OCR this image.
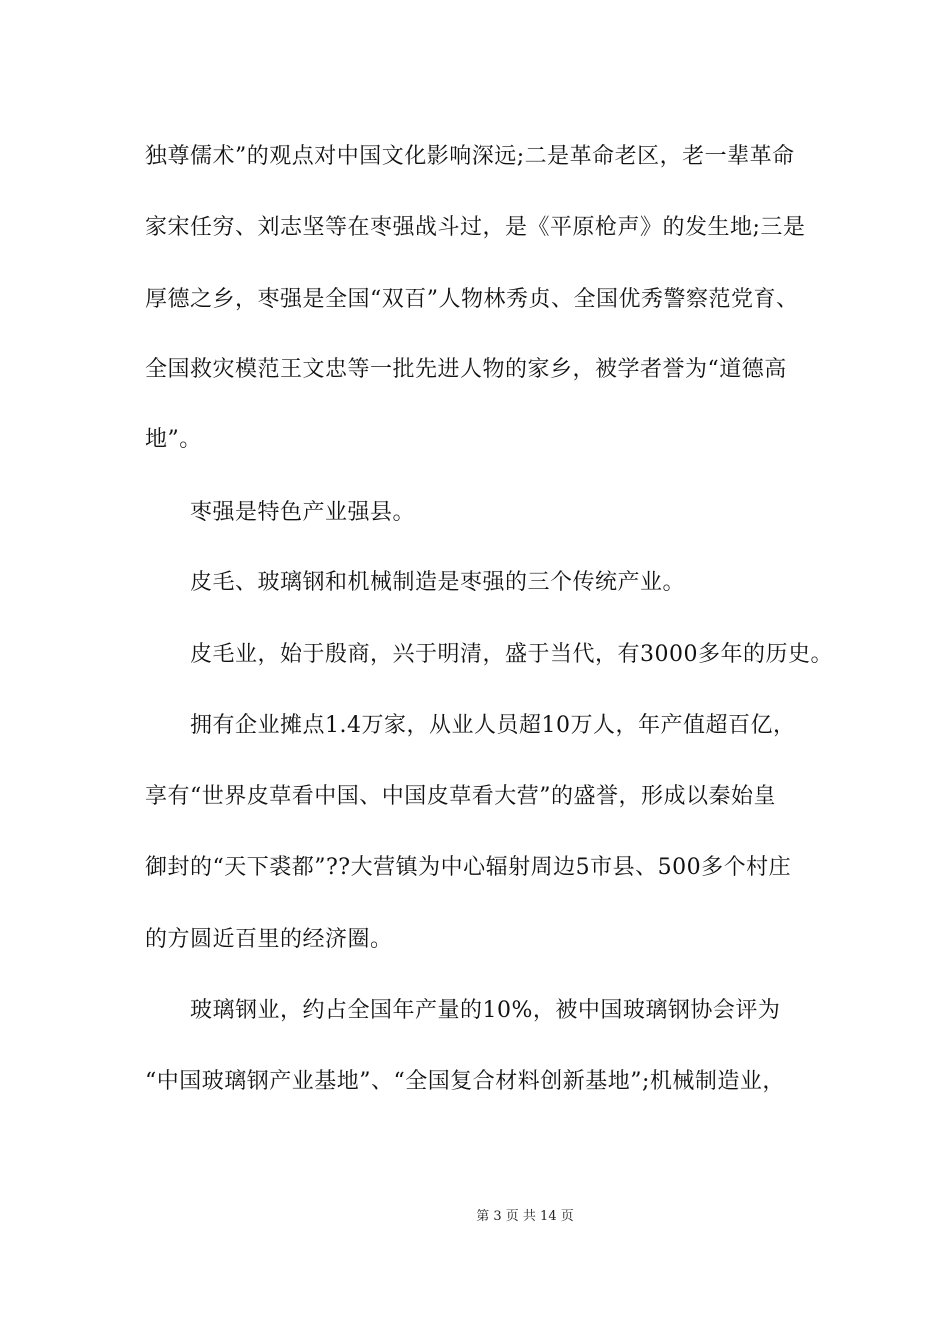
独尊儒术”的观点对中国文化影响深远;二是革命老区，老一辈革命
家宋任穷、刘志坚等在枣强战斗过，是《平原枪声》的发生地;三是
厚德之乡，枣强是全国“双百”人物林秀贞、全国优秀警察范党育、
全国救灾模范王文忠等一批先进人物的家乡，被学者誉为“道德高
地”。
枣强是特色产业强县。
皮毛、玻璃钢和机械制造是枣强的三个传统产业。
皮毛业，始于殷商，兴于明清，盛于当代，有3000多年的历史。
拥有企业摊点1.4万家，从业人员超10万人，年产值超百亿，
享有“世界皮草看中国、中国皮草看大营”的盛誉，形成以秦始皇
御封的“天下裘都”??大营镇为中心辐射周边5市县、500多个村庄
的方圆近百里的经济圈。
玻璃钢业，约占全国年产量的10%，被中国玻璃钢协会评为
“中国玻璃钢产业基地”、“全国复合材料创新基地”;机械制造业，
第 3 页 共 14 页
